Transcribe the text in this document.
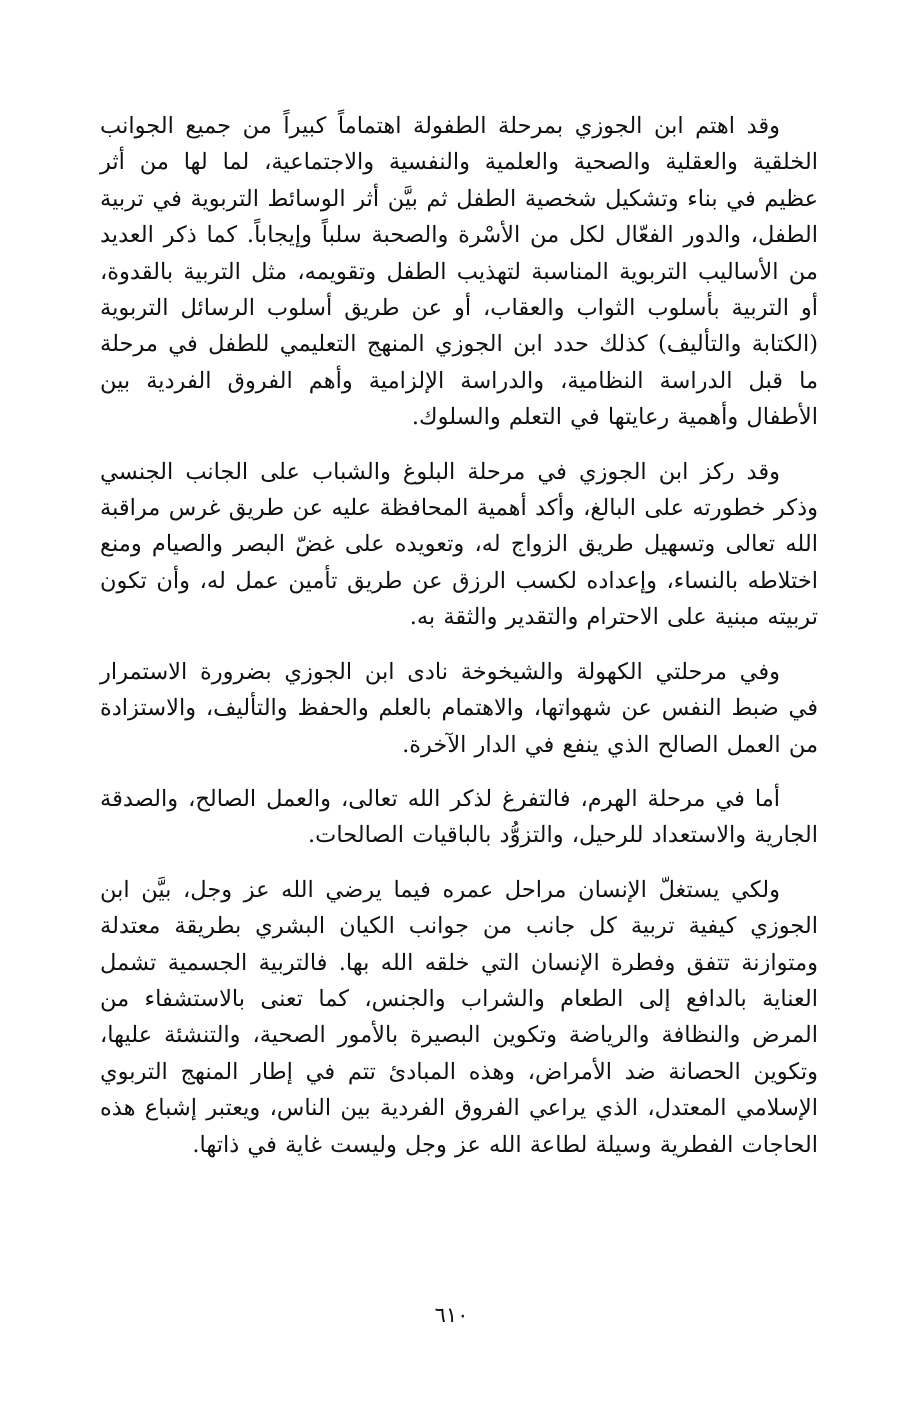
وقد اهتم ابن الجوزي بمرحلة الطفولة اهتماماً كبيراً من جميع الجوانب الخلقية والعقلية والصحية والعلمية والنفسية والاجتماعية، لما لها من أثر عظيم في بناء وتشكيل شخصية الطفل ثم بيَّن أثر الوسائط التربوية في تربية الطفل، والدور الفعّال لكل من الأسْرة والصحبة سلباً وإيجاباً. كما ذكر العديد من الأساليب التربوية المناسبة لتهذيب الطفل وتقويمه، مثل التربية بالقدوة، أو التربية بأسلوب الثواب والعقاب، أو عن طريق أسلوب الرسائل التربوية (الكتابة والتأليف) كذلك حدد ابن الجوزي المنهج التعليمي للطفل في مرحلة ما قبل الدراسة النظامية، والدراسة الإلزامية وأهم الفروق الفردية بين الأطفال وأهمية رعايتها في التعلم والسلوك.

وقد ركز ابن الجوزي في مرحلة البلوغ والشباب على الجانب الجنسي وذكر خطورته على البالغ، وأكد أهمية المحافظة عليه عن طريق غرس مراقبة الله تعالى وتسهيل طريق الزواج له، وتعويده على غضّ البصر والصيام ومنع اختلاطه بالنساء، وإعداده لكسب الرزق عن طريق تأمين عمل له، وأن تكون تربيته مبنية على الاحترام والتقدير والثقة به.

وفي مرحلتي الكهولة والشيخوخة نادى ابن الجوزي بضرورة الاستمرار في ضبط النفس عن شهواتها، والاهتمام بالعلم والحفظ والتأليف، والاستزادة من العمل الصالح الذي ينفع في الدار الآخرة.

أما في مرحلة الهرم، فالتفرغ لذكر الله تعالى، والعمل الصالح، والصدقة الجارية والاستعداد للرحيل، والتزوُّد بالباقيات الصالحات.

ولكي يستغلّ الإنسان مراحل عمره فيما يرضي الله عز وجل، بيَّن ابن الجوزي كيفية تربية كل جانب من جوانب الكيان البشري بطريقة معتدلة ومتوازنة تتفق وفطرة الإنسان التي خلقه الله بها. فالتربية الجسمية تشمل العناية بالدافع إلى الطعام والشراب والجنس، كما تعنى بالاستشفاء من المرض والنظافة والرياضة وتكوين البصيرة بالأمور الصحية، والتنشئة عليها، وتكوين الحصانة ضد الأمراض، وهذه المبادئ تتم في إطار المنهج التربوي الإسلامي المعتدل، الذي يراعي الفروق الفردية بين الناس، ويعتبر إشباع هذه الحاجات الفطرية وسيلة لطاعة الله عز وجل وليست غاية في ذاتها.

٦١٠
